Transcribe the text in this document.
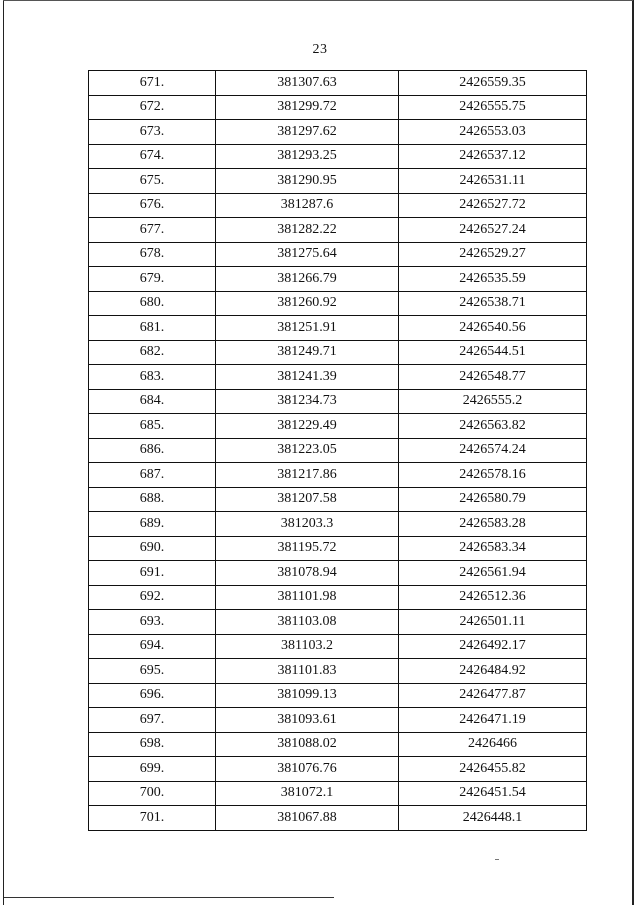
23
671.	381307.63	2426559.35
672.	381299.72	2426555.75
673.	381297.62	2426553.03
674.	381293.25	2426537.12
675.	381290.95	2426531.11
676.	381287.6	2426527.72
677.	381282.22	2426527.24
678.	381275.64	2426529.27
679.	381266.79	2426535.59
680.	381260.92	2426538.71
681.	381251.91	2426540.56
682.	381249.71	2426544.51
683.	381241.39	2426548.77
684.	381234.73	2426555.2
685.	381229.49	2426563.82
686.	381223.05	2426574.24
687.	381217.86	2426578.16
688.	381207.58	2426580.79
689.	381203.3	2426583.28
690.	381195.72	2426583.34
691.	381078.94	2426561.94
692.	381101.98	2426512.36
693.	381103.08	2426501.11
694.	381103.2	2426492.17
695.	381101.83	2426484.92
696.	381099.13	2426477.87
697.	381093.61	2426471.19
698.	381088.02	2426466
699.	381076.76	2426455.82
700.	381072.1	2426451.54
701.	381067.88	2426448.1
